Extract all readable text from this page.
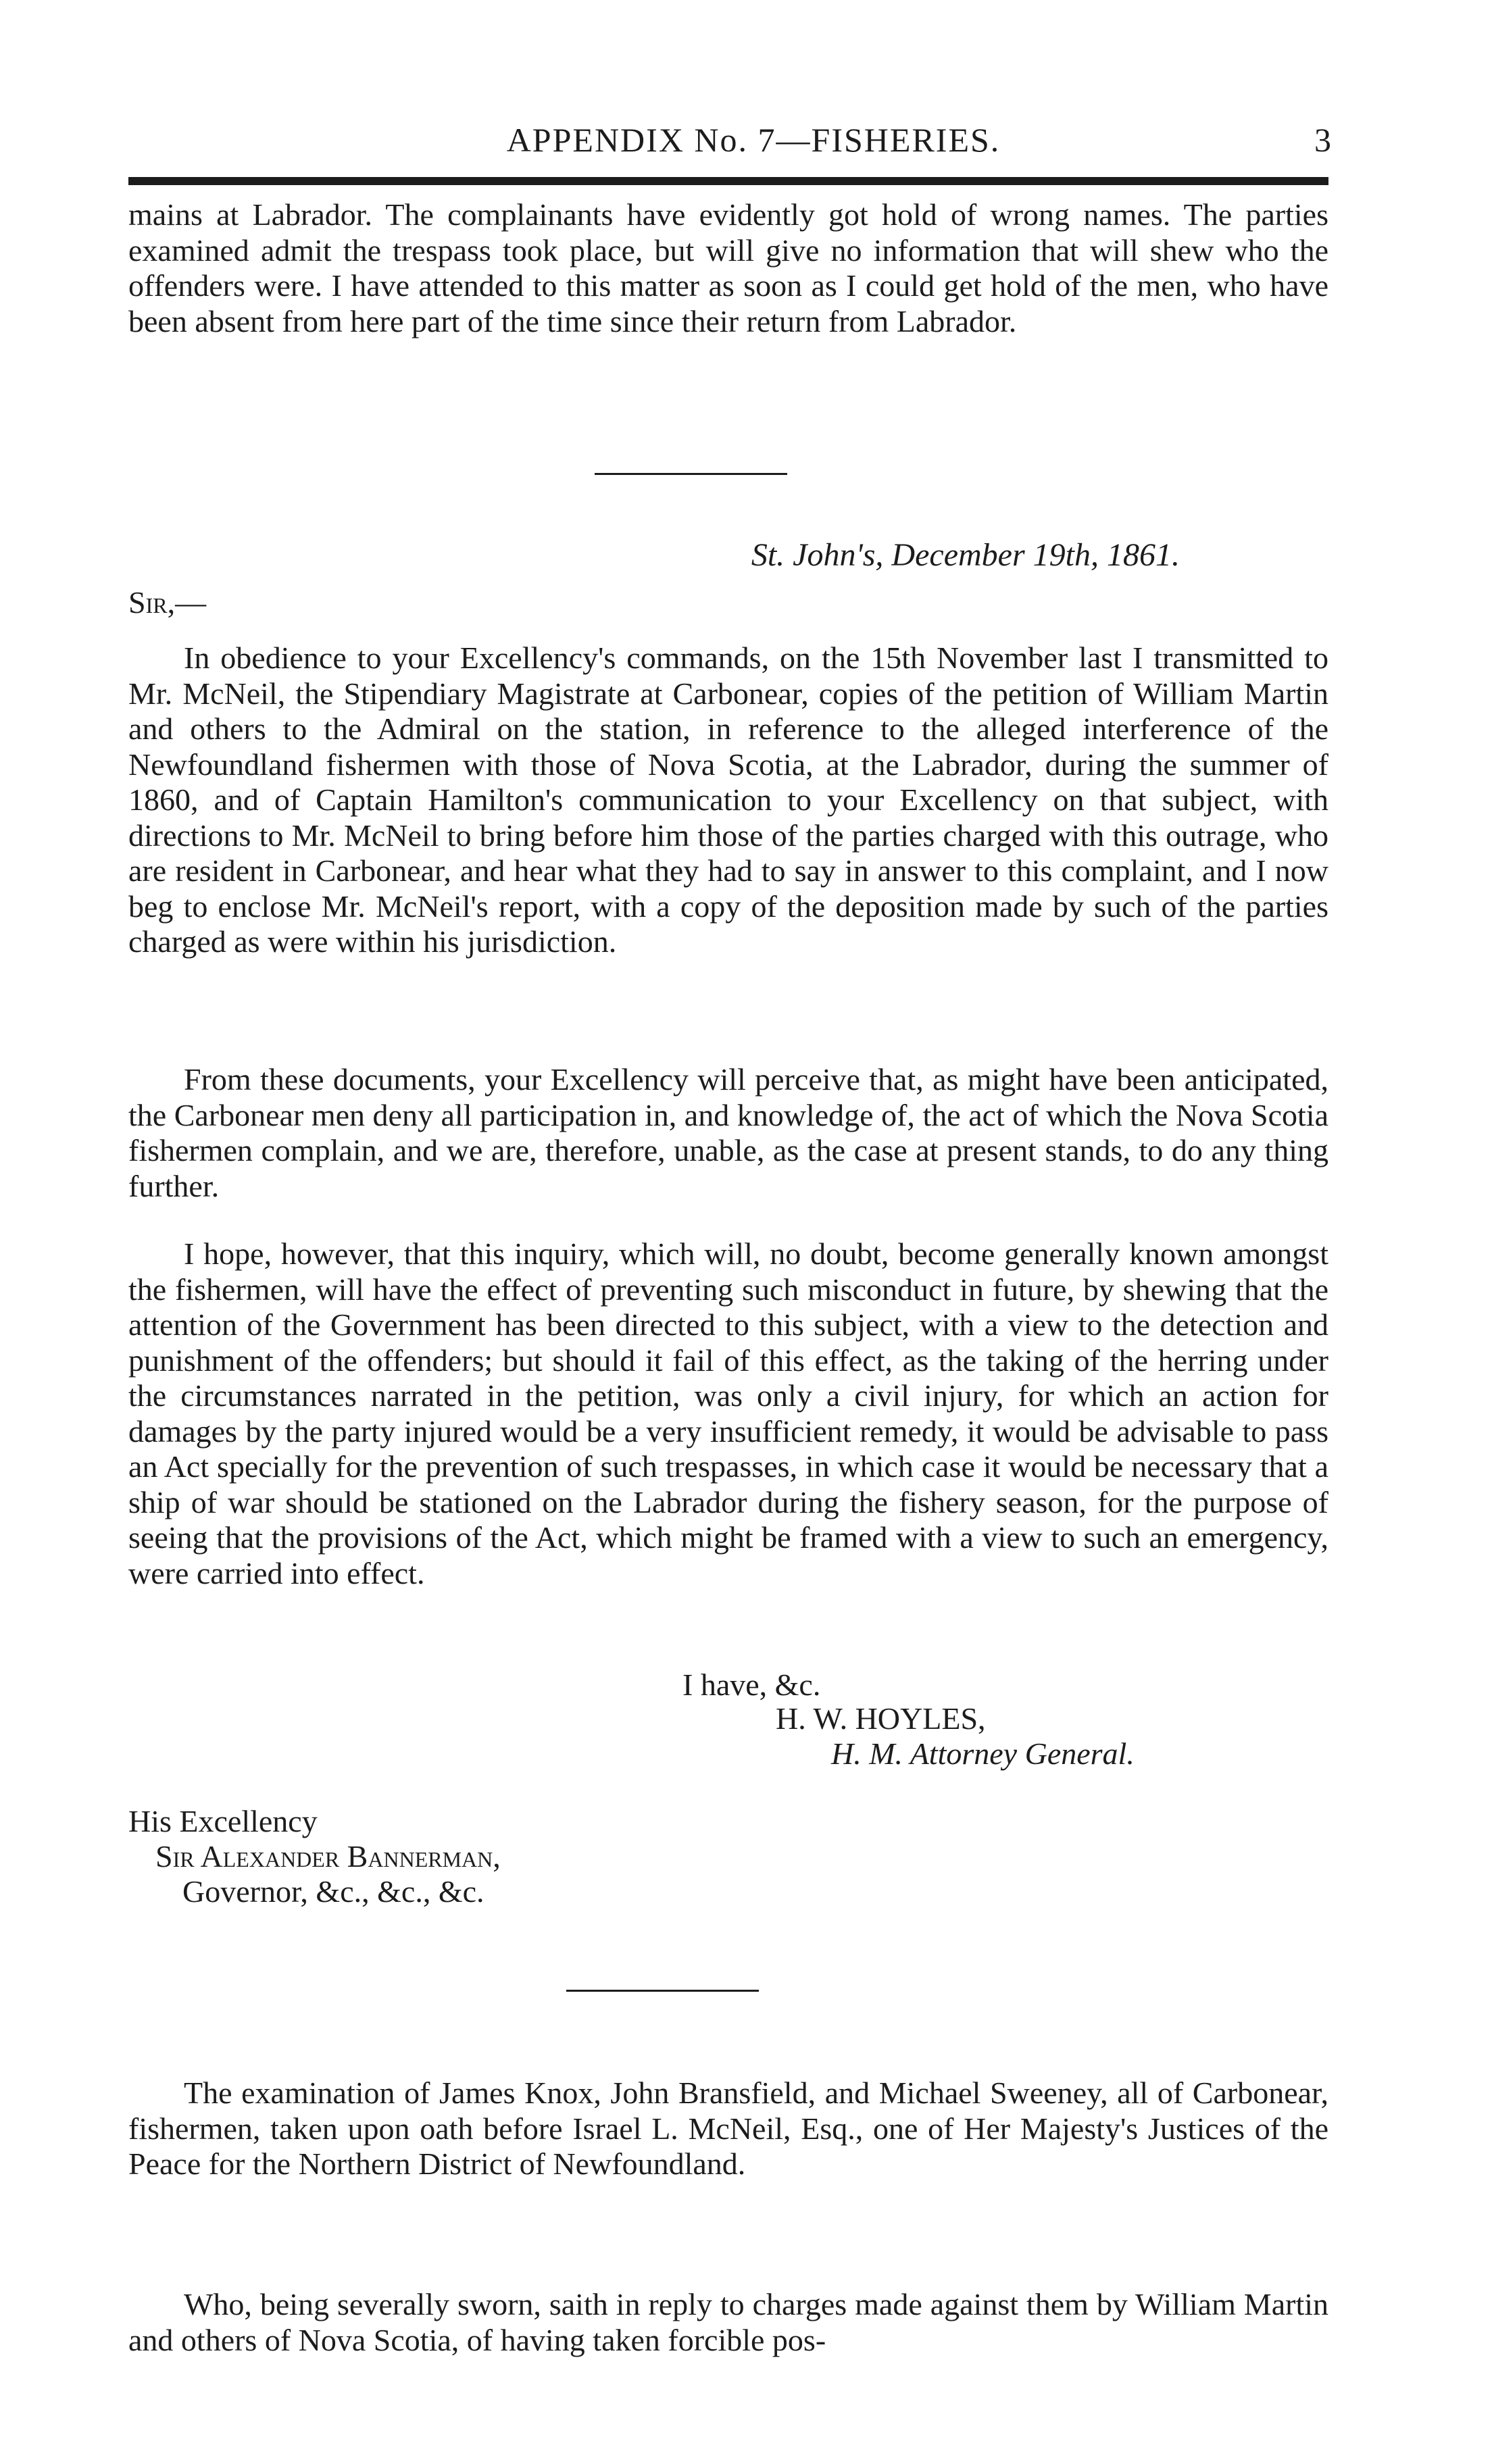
APPENDIX No. 7—FISHERIES.	3

mains at Labrador. The complainants have evidently got hold of wrong names. The parties examined admit the trespass took place, but will give no information that will shew who the offenders were. I have attended to this matter as soon as I could get hold of the men, who have been absent from here part of the time since their return from Labrador.

St. John's, December 19th, 1861.
Sir,—

In obedience to your Excellency's commands, on the 15th November last I transmitted to Mr. McNeil, the Stipendiary Magistrate at Carbonear, copies of the petition of William Martin and others to the Admiral on the station, in reference to the alleged interference of the Newfoundland fishermen with those of Nova Scotia, at the Labrador, during the summer of 1860, and of Captain Hamilton's communication to your Excellency on that subject, with directions to Mr. McNeil to bring before him those of the parties charged with this outrage, who are resident in Carbonear, and hear what they had to say in answer to this complaint, and I now beg to enclose Mr. McNeil's report, with a copy of the deposition made by such of the parties charged as were within his jurisdiction.

From these documents, your Excellency will perceive that, as might have been anticipated, the Carbonear men deny all participation in, and knowledge of, the act of which the Nova Scotia fishermen complain, and we are, therefore, unable, as the case at present stands, to do any thing further.

I hope, however, that this inquiry, which will, no doubt, become generally known amongst the fishermen, will have the effect of preventing such misconduct in future, by shewing that the attention of the Government has been directed to this subject, with a view to the detection and punishment of the offenders; but should it fail of this effect, as the taking of the herring under the circumstances narrated in the petition, was only a civil injury, for which an action for damages by the party injured would be a very insufficient remedy, it would be advisable to pass an Act specially for the prevention of such trespasses, in which case it would be necessary that a ship of war should be stationed on the Labrador during the fishery season, for the purpose of seeing that the provisions of the Act, which might be framed with a view to such an emergency, were carried into effect.

I have, &c.
H. W. HOYLES,
H. M. Attorney General.
His Excellency
Sir Alexander Bannerman,
Governor, &c., &c., &c.

The examination of James Knox, John Bransfield, and Michael Sweeney, all of Carbonear, fishermen, taken upon oath before Israel L. McNeil, Esq., one of Her Majesty's Justices of the Peace for the Northern District of Newfoundland.

Who, being severally sworn, saith in reply to charges made against them by William Martin and others of Nova Scotia, of having taken forcible pos-
